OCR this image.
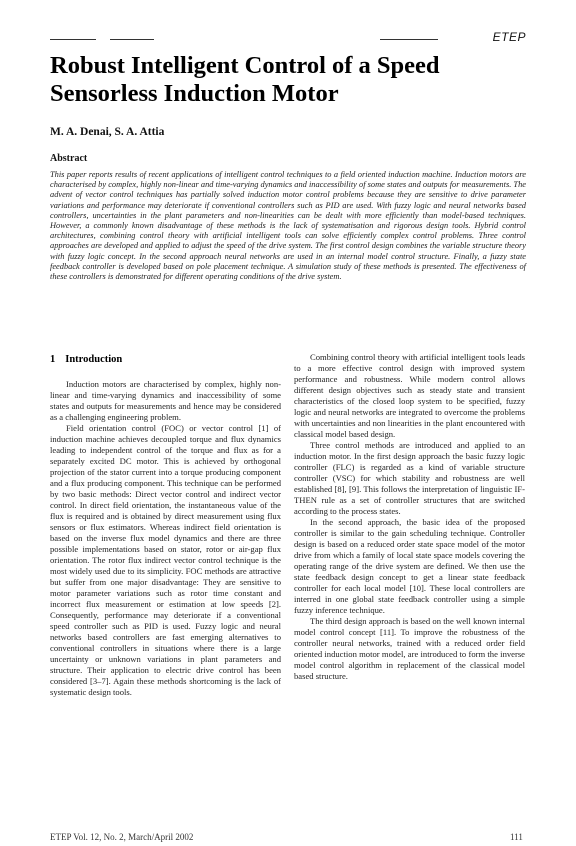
ETEP
Robust Intelligent Control of a Speed Sensorless Induction Motor
M. A. Denai, S. A. Attia
Abstract

This paper reports results of recent applications of intelligent control techniques to a field oriented induction machine. Induction motors are characterised by complex, highly non-linear and time-varying dynamics and inaccessibility of some states and outputs for measurements. The advent of vector control techniques has partially solved induction motor control problems because they are sensitive to drive parameter variations and performance may deteriorate if conventional controllers such as PID are used. With fuzzy logic and neural networks based controllers, uncertainties in the plant parameters and non-linearities can be dealt with more efficiently than model-based techniques. However, a commonly known disadvantage of these methods is the lack of systematisation and rigorous design tools. Hybrid control architectures, combining control theory with artificial intelligent tools can solve efficiently complex control problems. Three control approaches are developed and applied to adjust the speed of the drive system. The first control design combines the variable structure theory with fuzzy logic concept. In the second approach neural networks are used in an internal model control structure. Finally, a fuzzy state feedback controller is developed based on pole placement technique. A simulation study of these methods is presented. The effectiveness of these controllers is demonstrated for different operating conditions of the drive system.

1 Introduction

Induction motors are characterised by complex, highly non-linear and time-varying dynamics and inaccessibility of some states and outputs for measurements and hence may be considered as a challenging engineering problem.

Field orientation control (FOC) or vector control [1] of induction machine achieves decoupled torque and flux dynamics leading to independent control of the torque and flux as for a separately excited DC motor. This is achieved by orthogonal projection of the stator current into a torque producing component and a flux producing component. This technique can be performed by two basic methods: Direct vector control and indirect vector control. In direct field orientation, the instantaneous value of the flux is required and is obtained by direct measurement using flux sensors or flux estimators. Whereas indirect field orientation is based on the inverse flux model dynamics and there are three possible implementations based on stator, rotor or air-gap flux orientation. The rotor flux indirect vector control technique is the most widely used due to its simplicity. FOC methods are attractive but suffer from one major disadvantage: They are sensitive to motor parameter variations such as rotor time constant and incorrect flux measurement or estimation at low speeds [2]. Consequently, performance may deteriorate if a conventional speed controller such as PID is used. Fuzzy logic and neural networks based controllers are fast emerging alternatives to conventional controllers in situations where there is a large uncertainty or unknown variations in plant parameters and structure. Their application to electric drive control has been considered [3–7]. Again these methods shortcoming is the lack of systematic design tools.

Combining control theory with artificial intelligent tools leads to a more effective control design with improved system performance and robustness. While modern control allows different design objectives such as steady state and transient characteristics of the closed loop system to be specified, fuzzy logic and neural networks are integrated to overcome the problems with uncertainties and non linearities in the plant encountered with classical model based design.

Three control methods are introduced and applied to an induction motor. In the first design approach the basic fuzzy logic controller (FLC) is regarded as a kind of variable structure controller (VSC) for which stability and robustness are well established [8], [9]. This follows the interpretation of linguistic IF-THEN rule as a set of controller structures that are switched according to the process states.

In the second approach, the basic idea of the proposed controller is similar to the gain scheduling technique. Controller design is based on a reduced order state space model of the motor drive from which a family of local state space models covering the operating range of the drive system are defined. We then use the state feedback design concept to get a linear state feedback controller for each local model [10]. These local controllers are interred in one global state feedback controller using a simple fuzzy inference technique.

The third design approach is based on the well known internal model control concept [11]. To improve the robustness of the controller neural networks, trained with a reduced order field oriented induction motor model, are introduced to form the inverse model control algorithm in replacement of the classical model based structure.

ETEP Vol. 12, No. 2, March/April 2002	111
